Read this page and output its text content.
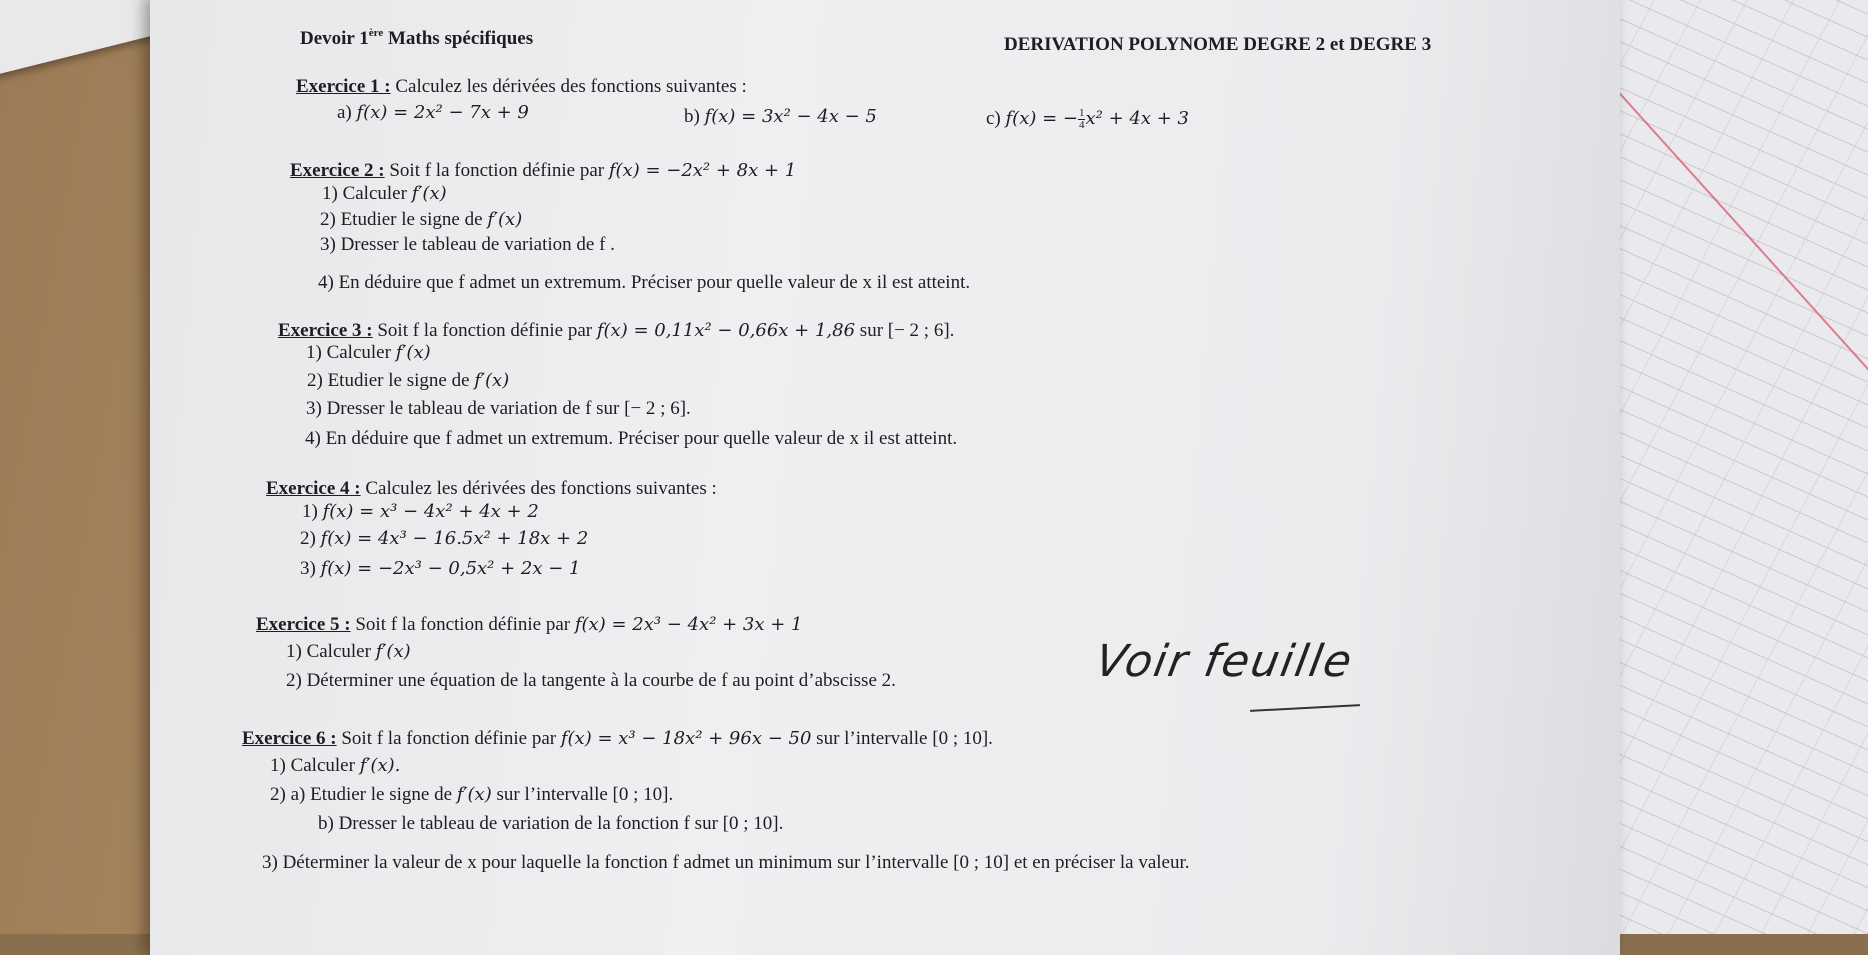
Devoir 1ère Maths spécifiques	DERIVATION POLYNOME DEGRE 2 et DEGRE 3
Exercice 1 : Calculez les dérivées des fonctions suivantes :
a) f(x) = 2x² − 7x + 9	b) f(x) = 3x² − 4x − 5	c) f(x) = − $\frac{1}{4} x^2 + 4x + 3$
Exercice 2 : Soit f la fonction définie par f(x) = −2x² + 8x + 1
1) Calculer f′(x)
2) Etudier le signe de f′(x)
3) Dresser le tableau de variation de f .
4) En déduire que f admet un extremum. Préciser pour quelle valeur de x il est atteint.
Exercice 3 : Soit f la fonction définie par f(x) = 0,11x² − 0,66x + 1,86 sur [− 2 ; 6].
1) Calculer f′(x)
2) Etudier le signe de f′(x)
3) Dresser le tableau de variation de f sur [− 2 ; 6].
4) En déduire que f admet un extremum. Préciser pour quelle valeur de x il est atteint.
Exercice 4 : Calculez les dérivées des fonctions suivantes :
1) f(x) = x³ − 4x² + 4x + 2
2) f(x) = 4x³ − 16.5x² + 18x + 2
3) f(x) = −2x³ − 0,5x² + 2x − 1
Exercice 5 : Soit f la fonction définie par f(x) = 2x³ − 4x² + 3x + 1
1) Calculer f′(x)
2) Déterminer une équation de la tangente à la courbe de f au point d’abscisse 2.	Voir feuille
Exercice 6 : Soit f la fonction définie par f(x) = x³ − 18x² + 96x − 50 sur l’intervalle [0 ; 10].
1) Calculer f′(x).
2) a) Etudier le signe de f′(x) sur l’intervalle [0 ; 10].
b) Dresser le tableau de variation de la fonction f sur [0 ; 10].
3) Déterminer la valeur de x pour laquelle la fonction f admet un minimum sur l’intervalle [0 ; 10] et en préciser la valeur.
